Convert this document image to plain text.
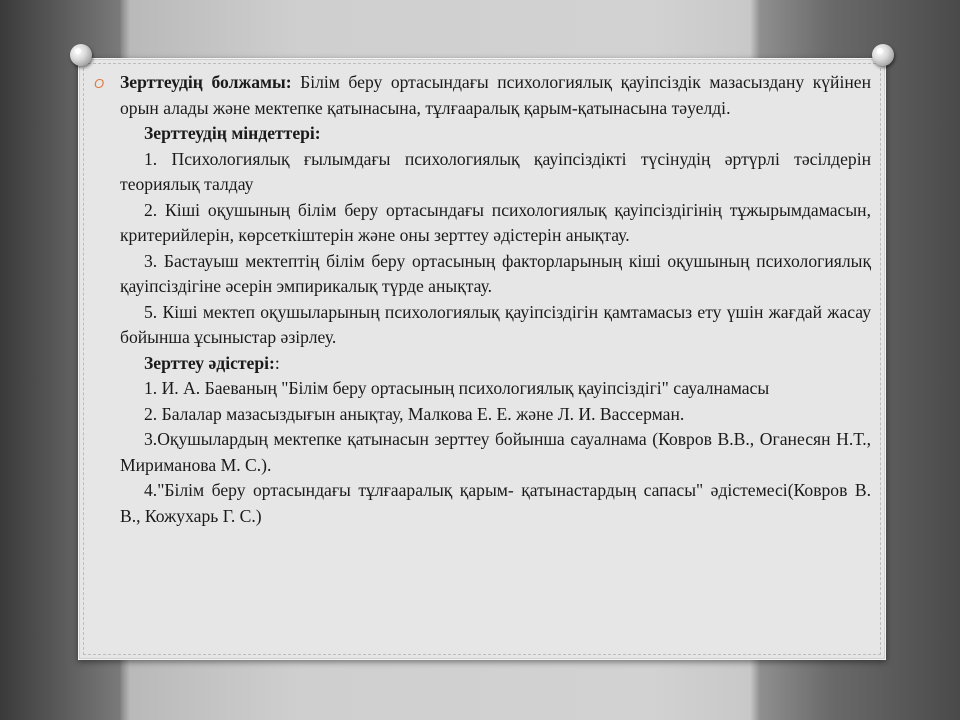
O Зерттеудің болжамы: Білім беру ортасындағы психологиялық қауіпсіздік мазасыздану күйінен орын алады және мектепке қатынасына, тұлғааралық қарым-қатынасына тәуелді.

Зерттеудің міндеттері:

1. Психологиялық ғылымдағы психологиялық қауіпсіздікті түсінудің әртүрлі тәсілдерін теориялық талдау

2. Кіші оқушының білім беру ортасындағы психологиялық қауіпсіздігінің тұжырымдамасын, критерийлерін, көрсеткіштерін және оны зерттеу әдістерін анықтау.

3. Бастауыш мектептің білім беру ортасының факторларының кіші оқушының психологиялық қауіпсіздігіне әсерін эмпирикалық түрде анықтау.

5. Кіші мектеп оқушыларының психологиялық қауіпсіздігін қамтамасыз ету үшін жағдай жасау бойынша ұсыныстар әзірлеу.

Зерттеу әдістері::

1. И. А. Баеваның "Білім беру ортасының психологиялық қауіпсіздігі" сауалнамасы

2. Балалар мазасыздығын анықтау, Малкова Е. Е. және Л. И. Вассерман.

3.Оқушылардың мектепке қатынасын зерттеу бойынша сауалнама (Ковров В.В., Оганесян Н.Т., Мириманова М. С.).

4."Білім беру ортасындағы тұлғааралық қарым- қатынастардың сапасы" әдістемесі(Ковров В. В., Кожухарь Г. С.)
